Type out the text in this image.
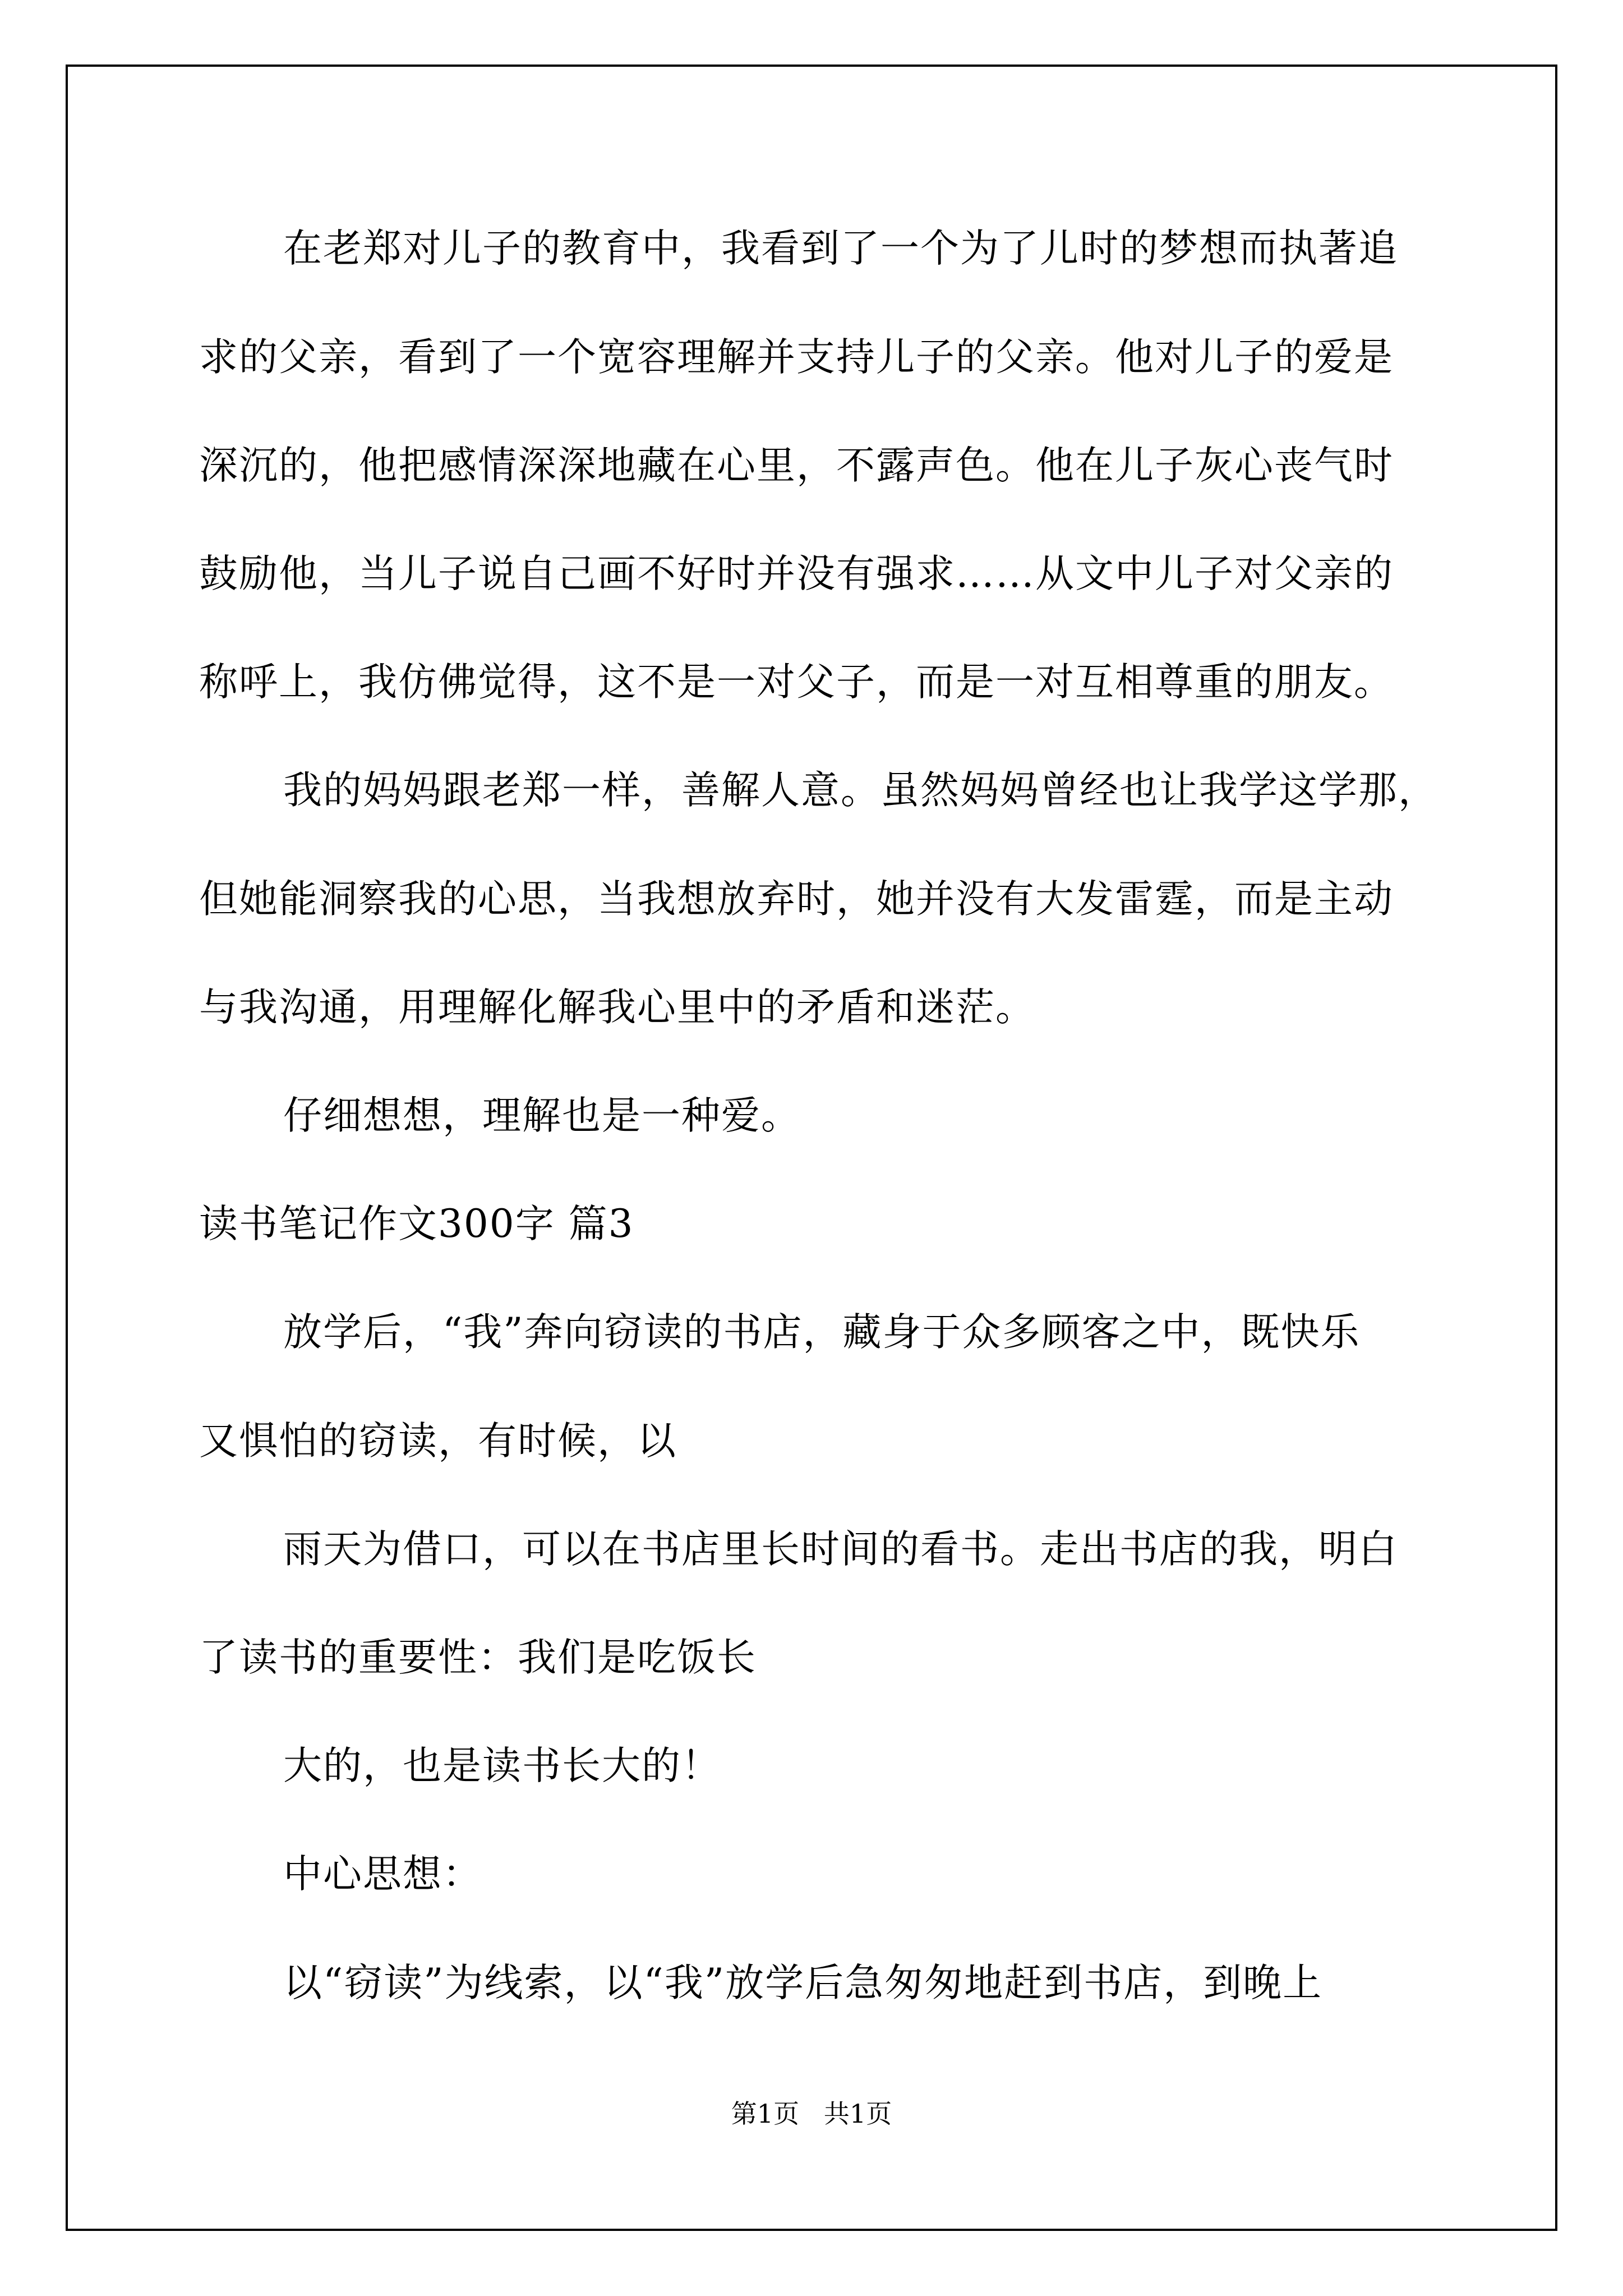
在老郑对儿子的教育中，我看到了一个为了儿时的梦想而执著追
求的父亲，看到了一个宽容理解并支持儿子的父亲。他对儿子的爱是
深沉的，他把感情深深地藏在心里，不露声色。他在儿子灰心丧气时
鼓励他，当儿子说自己画不好时并没有强求……从文中儿子对父亲的
称呼上，我仿佛觉得，这不是一对父子，而是一对互相尊重的朋友。
我的妈妈跟老郑一样，善解人意。虽然妈妈曾经也让我学这学那，
但她能洞察我的心思，当我想放弃时，她并没有大发雷霆，而是主动
与我沟通，用理解化解我心里中的矛盾和迷茫。
仔细想想，理解也是一种爱。
读书笔记作文300字 篇3
放学后，“我”奔向窃读的书店，藏身于众多顾客之中，既快乐
又惧怕的窃读，有时候，以
雨天为借口，可以在书店里长时间的看书。走出书店的我，明白
了读书的重要性：我们是吃饭长
大的，也是读书长大的！
中心思想：
以“窃读”为线索，以“我”放学后急匆匆地赶到书店，到晚上
第1页   共1页
